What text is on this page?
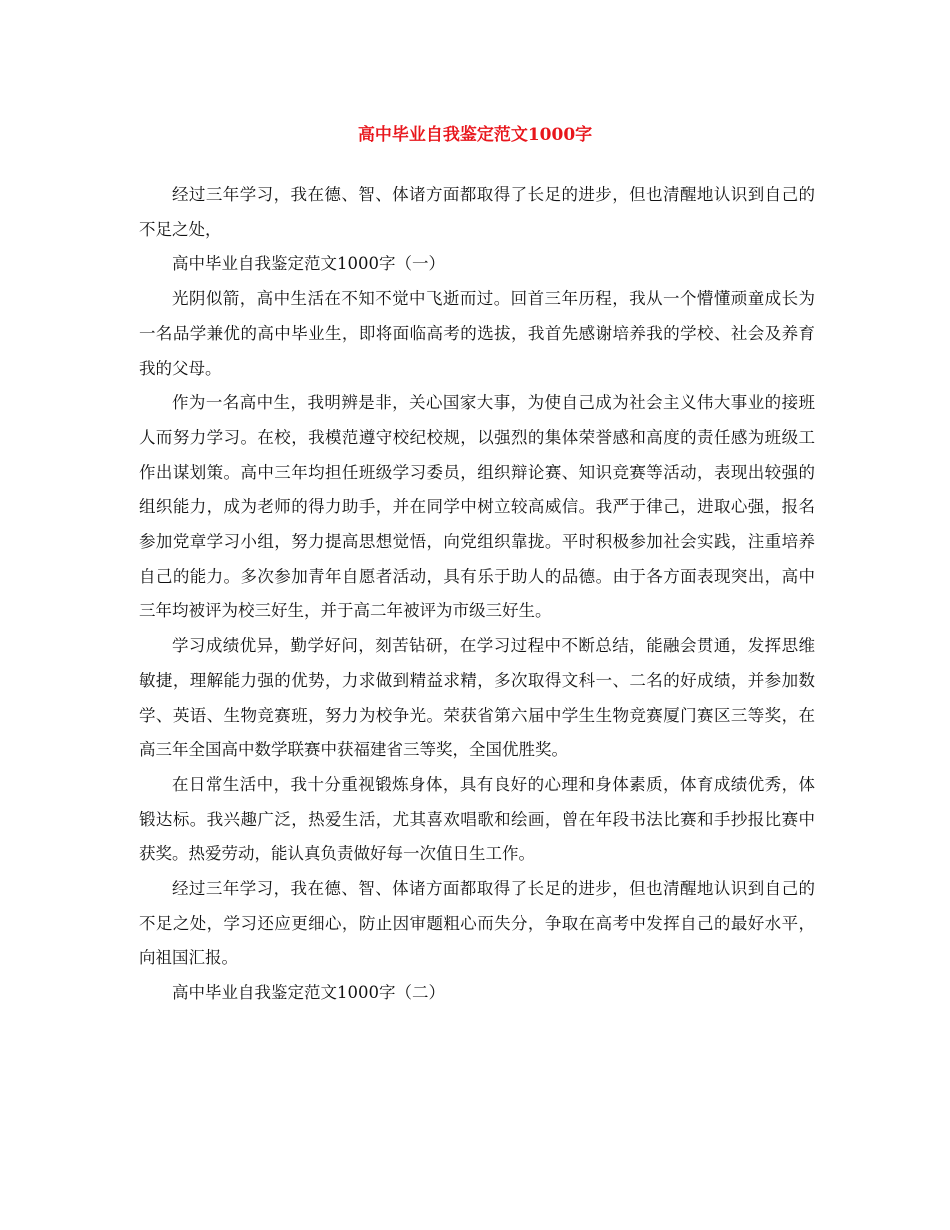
高中毕业自我鉴定范文1000字

经过三年学习，我在德、智、体诸方面都取得了长足的进步，但也清醒地认识到自己的不足之处，

高中毕业自我鉴定范文1000字（一）

光阴似箭，高中生活在不知不觉中飞逝而过。回首三年历程，我从一个懵懂顽童成长为一名品学兼优的高中毕业生，即将面临高考的选拔，我首先感谢培养我的学校、社会及养育我的父母。

作为一名高中生，我明辨是非，关心国家大事，为使自己成为社会主义伟大事业的接班人而努力学习。在校，我模范遵守校纪校规，以强烈的集体荣誉感和高度的责任感为班级工作出谋划策。高中三年均担任班级学习委员，组织辩论赛、知识竞赛等活动，表现出较强的组织能力，成为老师的得力助手，并在同学中树立较高威信。我严于律己，进取心强，报名参加党章学习小组，努力提高思想觉悟，向党组织靠拢。平时积极参加社会实践，注重培养自己的能力。多次参加青年自愿者活动，具有乐于助人的品德。由于各方面表现突出，高中三年均被评为校三好生，并于高二年被评为市级三好生。

学习成绩优异，勤学好问，刻苦钻研，在学习过程中不断总结，能融会贯通，发挥思维敏捷，理解能力强的优势，力求做到精益求精，多次取得文科一、二名的好成绩，并参加数学、英语、生物竞赛班，努力为校争光。荣获省第六届中学生生物竞赛厦门赛区三等奖，在高三年全国高中数学联赛中获福建省三等奖，全国优胜奖。

在日常生活中，我十分重视锻炼身体，具有良好的心理和身体素质，体育成绩优秀，体锻达标。我兴趣广泛，热爱生活，尤其喜欢唱歌和绘画，曾在年段书法比赛和手抄报比赛中获奖。热爱劳动，能认真负责做好每一次值日生工作。

经过三年学习，我在德、智、体诸方面都取得了长足的进步，但也清醒地认识到自己的不足之处，学习还应更细心，防止因审题粗心而失分，争取在高考中发挥自己的最好水平，向祖国汇报。

高中毕业自我鉴定范文1000字（二）
